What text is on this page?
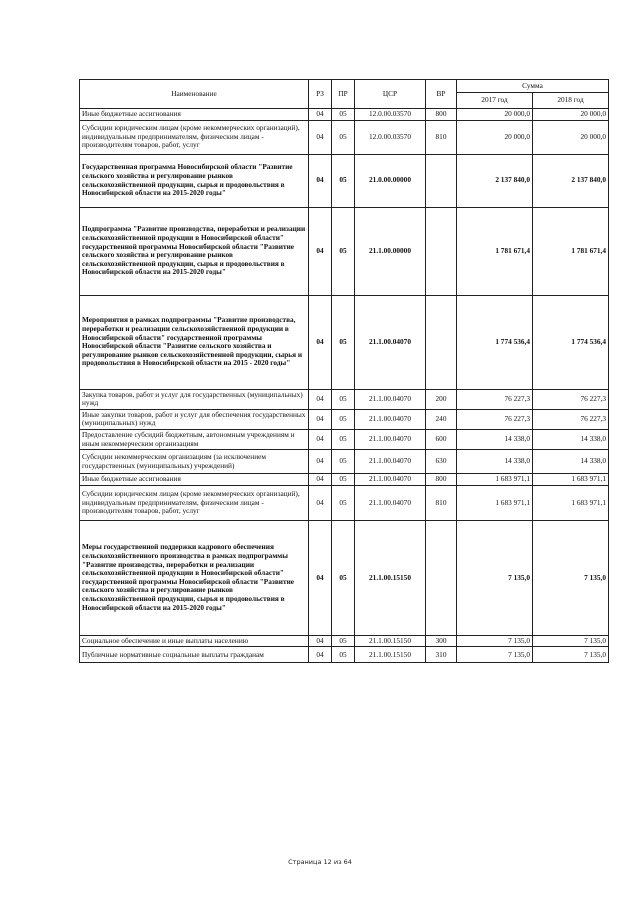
Наименование	РЗ	ПР	ЦСР	ВР	Сумма	
					2017 год	2018 год
Иные бюджетные ассигнования	04	05	12.0.00.03570	800	20 000,0	20 000,0
Субсидии юридическим лицам (кроме некоммерческих организаций), индивидуальным предпринимателям, физическим лицам - производителям товаров, работ, услуг	04	05	12.0.00.03570	810	20 000,0	20 000,0
Государственная программа Новосибирской области "Развитие сельского хозяйства и регулирование рынков сельскохозяйственной продукции, сырья и продовольствия в Новосибирской области на 2015-2020 годы"	04	05	21.0.00.00000		2 137 840,0	2 137 840,0
Подпрограмма "Развитие производства, переработки и реализации сельскохозяйственной продукции в Новосибирской области" государственной программы Новосибирской области "Развитие сельского хозяйства и регулирование рынков сельскохозяйственной продукции, сырья и продовольствия в Новосибирской области на 2015-2020 годы"	04	05	21.1.00.00000		1 781 671,4	1 781 671,4
Мероприятия в рамках подпрограммы "Развитие производства, переработки и реализации сельскохозяйственной продукции в Новосибирской области" государственной программы Новосибирской области "Развитие сельского хозяйства и регулирование рынков сельскохозяйственной продукции, сырья и продовольствия в Новосибирской области на 2015 - 2020 годы"	04	05	21.1.00.04070		1 774 536,4	1 774 536,4
Закупка товаров, работ и услуг для государственных (муниципальных) нужд	04	05	21.1.00.04070	200	76 227,3	76 227,3
Иные закупки товаров, работ и услуг для обеспечения государственных (муниципальных) нужд	04	05	21.1.00.04070	240	76 227,3	76 227,3
Предоставление субсидий бюджетным, автономным учреждениям и иным некоммерческим организациям	04	05	21.1.00.04070	600	14 338,0	14 338,0
Субсидии некоммерческим организациям (за исключением государственных (муниципальных) учреждений)	04	05	21.1.00.04070	630	14 338,0	14 338,0
Иные бюджетные ассигнования	04	05	21.1.00.04070	800	1 683 971,1	1 683 971,1
Субсидии юридическим лицам (кроме некоммерческих организаций), индивидуальным предпринимателям, физическим лицам - производителям товаров, работ, услуг	04	05	21.1.00.04070	810	1 683 971,1	1 683 971,1
Меры государственной поддержки кадрового обеспечения сельскохозяйственного производства в рамках подпрограммы "Развитие производства, переработки и реализации сельскохозяйственной продукции в Новосибирской области" государственной программы Новосибирской области "Развитие сельского хозяйства и регулирование рынков сельскохозяйственной продукции, сырья и продовольствия в Новосибирской области на 2015-2020 годы"	04	05	21.1.00.15150		7 135,0	7 135,0
Социальное обеспечение и иные выплаты населению	04	05	21.1.00.15150	300	7 135,0	7 135,0
Публичные нормативные социальные выплаты гражданам	04	05	21.1.00.15150	310	7 135,0	7 135,0
Страница 12 из 64
